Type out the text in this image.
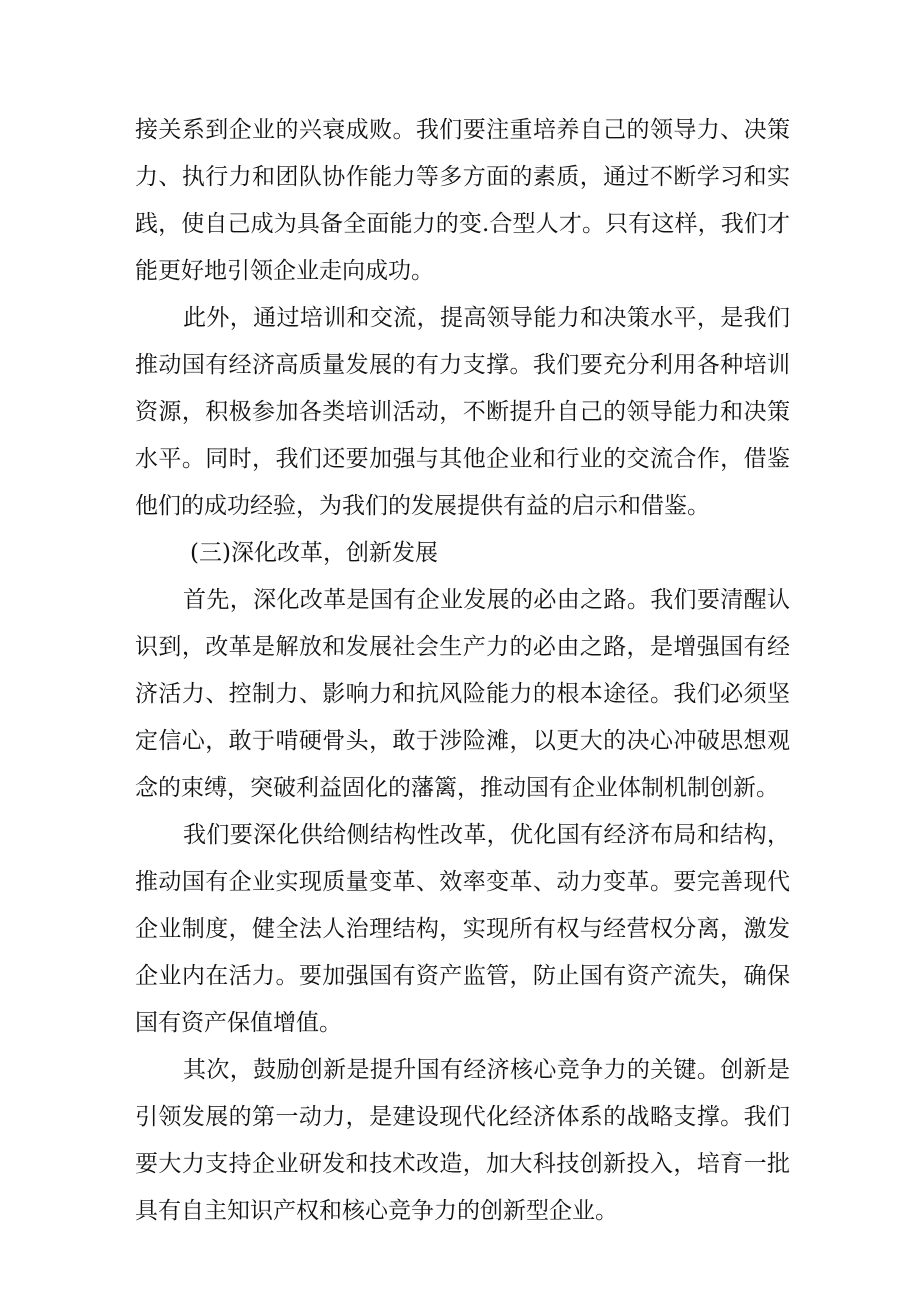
接关系到企业的兴衰成败。我们要注重培养自己的领导力、决策
力、执行力和团队协作能力等多方面的素质，通过不断学习和实
践，使自己成为具备全面能力的变.合型人才。只有这样，我们才
能更好地引领企业走向成功。
此外，通过培训和交流，提高领导能力和决策水平，是我们
推动国有经济高质量发展的有力支撑。我们要充分利用各种培训
资源，积极参加各类培训活动，不断提升自己的领导能力和决策
水平。同时，我们还要加强与其他企业和行业的交流合作，借鉴
他们的成功经验，为我们的发展提供有益的启示和借鉴。
(三)深化改革，创新发展
首先，深化改革是国有企业发展的必由之路。我们要清醒认
识到，改革是解放和发展社会生产力的必由之路，是增强国有经
济活力、控制力、影响力和抗风险能力的根本途径。我们必须坚
定信心，敢于啃硬骨头，敢于涉险滩，以更大的决心冲破思想观
念的束缚，突破利益固化的藩篱，推动国有企业体制机制创新。
我们要深化供给侧结构性改革，优化国有经济布局和结构，
推动国有企业实现质量变革、效率变革、动力变革。要完善现代
企业制度，健全法人治理结构，实现所有权与经营权分离，激发
企业内在活力。要加强国有资产监管，防止国有资产流失，确保
国有资产保值增值。
其次，鼓励创新是提升国有经济核心竞争力的关键。创新是
引领发展的第一动力，是建设现代化经济体系的战略支撑。我们
要大力支持企业研发和技术改造，加大科技创新投入，培育一批
具有自主知识产权和核心竞争力的创新型企业。
